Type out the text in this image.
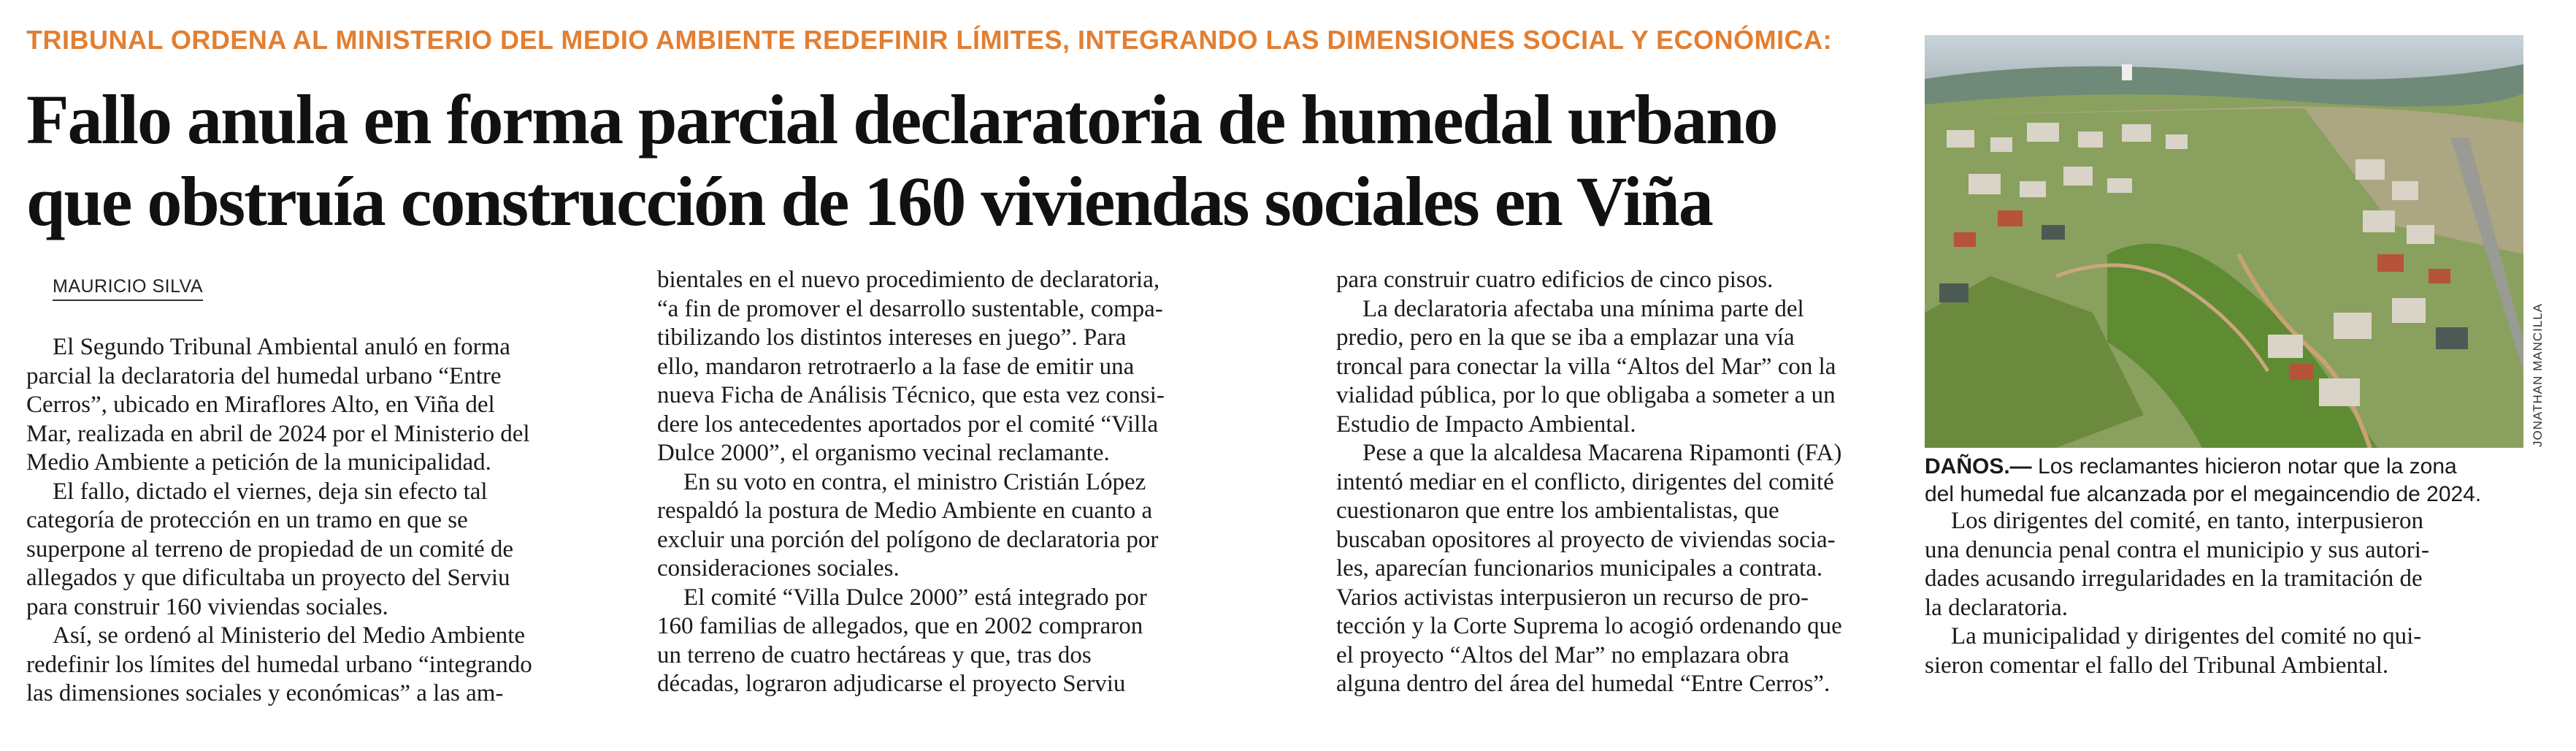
TRIBUNAL ORDENA AL MINISTERIO DEL MEDIO AMBIENTE REDEFINIR LÍMITES, INTEGRANDO LAS DIMENSIONES SOCIAL Y ECONÓMICA:
Fallo anula en forma parcial declaratoria de humedal urbano
que obstruía construcción de 160 viviendas sociales en Viña
MAURICIO SILVA
El Segundo Tribunal Ambiental anuló en forma
parcial la declaratoria del humedal urbano “Entre
Cerros”, ubicado en Miraflores Alto, en Viña del
Mar, realizada en abril de 2024 por el Ministerio del
Medio Ambiente a petición de la municipalidad.
El fallo, dictado el viernes, deja sin efecto tal
categoría de protección en un tramo en que se
superpone al terreno de propiedad de un comité de
allegados y que dificultaba un proyecto del Serviu
para construir 160 viviendas sociales.
Así, se ordenó al Ministerio del Medio Ambiente
redefinir los límites del humedal urbano “integrando
las dimensiones sociales y económicas” a las am-
bientales en el nuevo procedimiento de declaratoria,
“a fin de promover el desarrollo sustentable, compa-
tibilizando los distintos intereses en juego”. Para
ello, mandaron retrotraerlo a la fase de emitir una
nueva Ficha de Análisis Técnico, que esta vez consi-
dere los antecedentes aportados por el comité “Villa
Dulce 2000”, el organismo vecinal reclamante.
En su voto en contra, el ministro Cristián López
respaldó la postura de Medio Ambiente en cuanto a
excluir una porción del polígono de declaratoria por
consideraciones sociales.
El comité “Villa Dulce 2000” está integrado por
160 familias de allegados, que en 2002 compraron
un terreno de cuatro hectáreas y que, tras dos
décadas, lograron adjudicarse el proyecto Serviu
para construir cuatro edificios de cinco pisos.
La declaratoria afectaba una mínima parte del
predio, pero en la que se iba a emplazar una vía
troncal para conectar la villa “Altos del Mar” con la
vialidad pública, por lo que obligaba a someter a un
Estudio de Impacto Ambiental.
Pese a que la alcaldesa Macarena Ripamonti (FA)
intentó mediar en el conflicto, dirigentes del comité
cuestionaron que entre los ambientalistas, que
buscaban opositores al proyecto de viviendas socia-
les, aparecían funcionarios municipales a contrata.
Varios activistas interpusieron un recurso de pro-
tección y la Corte Suprema lo acogió ordenando que
el proyecto “Altos del Mar” no emplazara obra
alguna dentro del área del humedal “Entre Cerros”.
JONATHAN MANCILLA
DAÑOS.— Los reclamantes hicieron notar que la zona
del humedal fue alcanzada por el megaincendio de 2024.
Los dirigentes del comité, en tanto, interpusieron
una denuncia penal contra el municipio y sus autori-
dades acusando irregularidades en la tramitación de
la declaratoria.
La municipalidad y dirigentes del comité no qui-
sieron comentar el fallo del Tribunal Ambiental.
